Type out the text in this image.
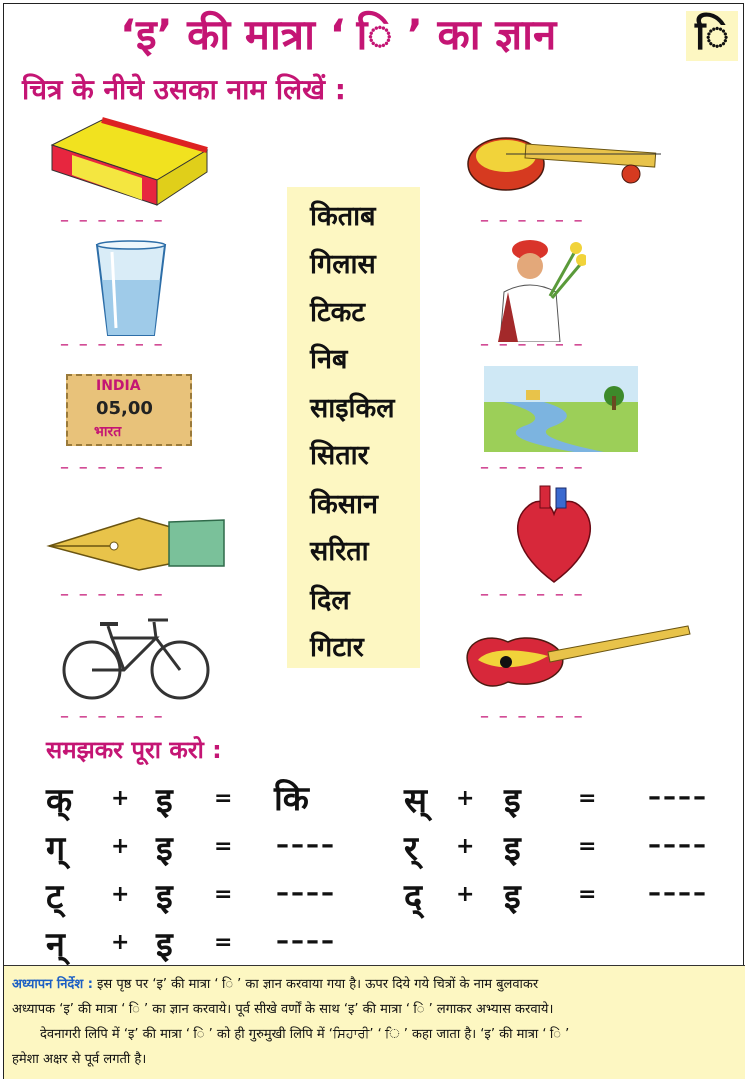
‘इ’ की मात्रा ‘ ि ’ का ज्ञान	ि
चित्र के नीचे उसका नाम लिखें :
– – – – – –
– – – – – –
INDIA
05,00
भारत
– – – – – –
– – – – – –
– – – – – –
किताब
गिलास
टिकट
निब
साइकिल
सितार
किसान
सरिता
दिल
गिटार
– – – – – –
– – – – – –
– – – – – –
– – – – – –
– – – – – –
समझकर पूरा करो :
क् + इ = कि
ग् + इ = ––––
ट् + इ = ––––
न् + इ = ––––
स् + इ	= ––––
र् + इ	= ––––
द् + इ	= ––––

अध्यापन निर्देश : इस पृष्ठ पर ‘इ’ की मात्रा ‘ ि ’ का ज्ञान करवाया गया है। ऊपर दिये गये चित्रों के नाम बुलवाकर

अध्यापक ‘इ’ की मात्रा ‘ ि ’ का ज्ञान करवाये। पूर्व सीखे वर्णों के साथ ‘इ’ की मात्रा ‘ ि ’ लगाकर अभ्यास करवाये।

देवनागरी लिपि में ‘इ’ की मात्रा ‘ ि ’ को ही गुरुमुखी लिपि में ‘ਸਿਹਾਰੀ’ ‘ ਿ ’ कहा जाता है। ‘इ’ की मात्रा ‘ ि ’

हमेशा अक्षर से पूर्व लगती है।
